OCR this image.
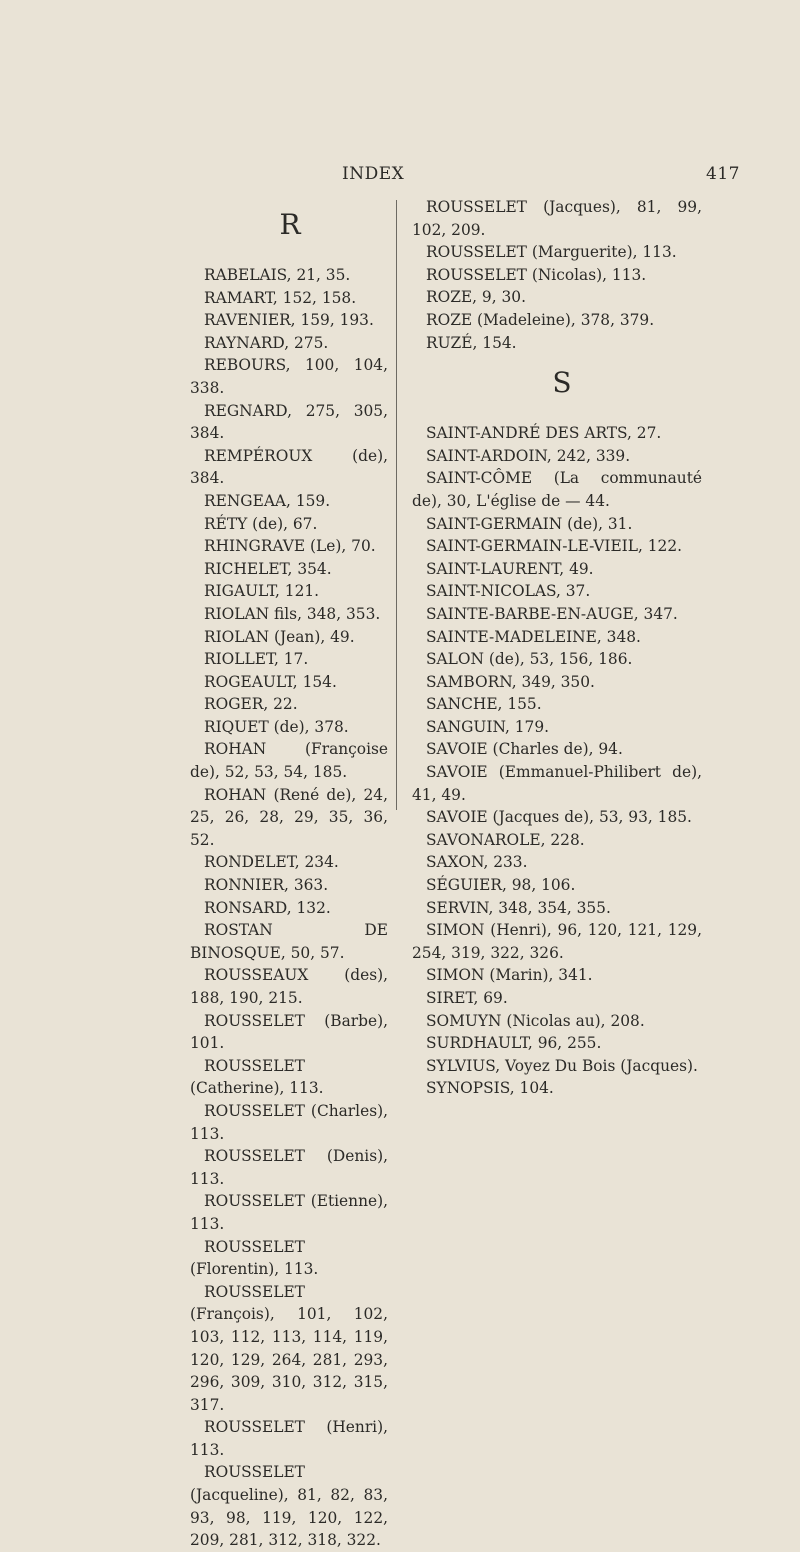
INDEX	417
R

RABELAIS, 21, 35.

RAMART, 152, 158.

RAVENIER, 159, 193.

RAYNARD, 275.

REBOURS, 100, 104, 338.

REGNARD, 275, 305, 384.

REMPÉROUX (de), 384.

RENGEAA, 159.

RÉTY (de), 67.

RHINGRAVE (Le), 70.

RICHELET, 354.

RIGAULT, 121.

RIOLAN fils, 348, 353.

RIOLAN (Jean), 49.

RIOLLET, 17.

ROGEAULT, 154.

ROGER, 22.

RIQUET (de), 378.

ROHAN (Françoise de), 52, 53, 54, 185.

ROHAN (René de), 24, 25, 26, 28, 29, 35, 36, 52.

RONDELET, 234.

RONNIER, 363.

RONSARD, 132.

ROSTAN DE BINOSQUE, 50, 57.

ROUSSEAUX (des), 188, 190, 215.

ROUSSELET (Barbe), 101.

ROUSSELET (Catherine), 113.

ROUSSELET (Charles), 113.

ROUSSELET (Denis), 113.

ROUSSELET (Etienne), 113.

ROUSSELET (Florentin), 113.

ROUSSELET (François), 101, 102, 103, 112, 113, 114, 119, 120, 129, 264, 281, 293, 296, 309, 310, 312, 315, 317.

ROUSSELET (Henri), 113.

ROUSSELET (Jacqueline), 81, 82, 83, 93, 98, 119, 120, 122, 209, 281, 312, 318, 322.

ROUSSELET (Jacques), 81, 99, 102, 209.

ROUSSELET (Marguerite), 113.

ROUSSELET (Nicolas), 113.

ROZE, 9, 30.

ROZE (Madeleine), 378, 379.

RUZÉ, 154.

S

SAINT-ANDRÉ DES ARTS, 27.

SAINT-ARDOIN, 242, 339.

SAINT-CÔME (La communauté de), 30, L'église de — 44.

SAINT-GERMAIN (de), 31.

SAINT-GERMAIN-LE-VIEIL, 122.

SAINT-LAURENT, 49.

SAINT-NICOLAS, 37.

SAINTE-BARBE-EN-AUGE, 347.

SAINTE-MADELEINE, 348.

SALON (de), 53, 156, 186.

SAMBORN, 349, 350.

SANCHE, 155.

SANGUIN, 179.

SAVOIE (Charles de), 94.

SAVOIE (Emmanuel-Philibert de), 41, 49.

SAVOIE (Jacques de), 53, 93, 185.

SAVONAROLE, 228.

SAXON, 233.

SÉGUIER, 98, 106.

SERVIN, 348, 354, 355.

SIMON (Henri), 96, 120, 121, 129, 254, 319, 322, 326.

SIMON (Marin), 341.

SIRET, 69.

SOMUYN (Nicolas au), 208.

SURDHAULT, 96, 255.

SYLVIUS, Voyez Du Bois (Jacques).

SYNOPSIS, 104.
